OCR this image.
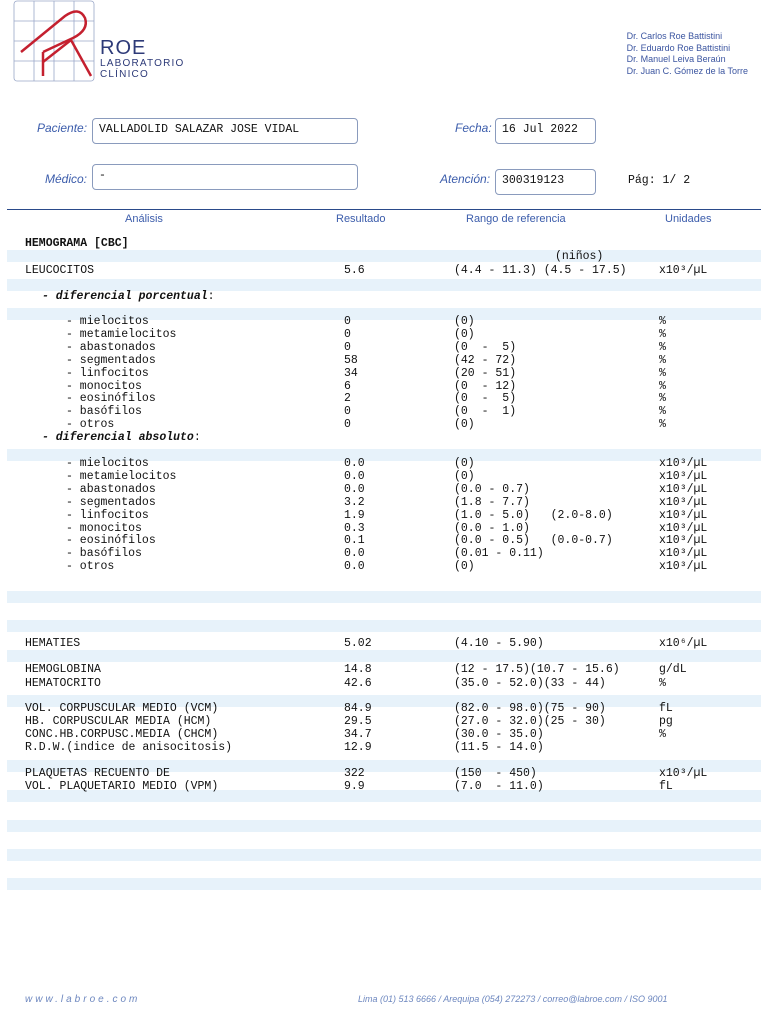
ROE
LABORATORIO
CLÍNICO
Dr. Carlos Roe Battistini
Dr. Eduardo Roe Battistini
Dr. Manuel Leiva Beraún
Dr. Juan C. Gómez de la Torre
Paciente:	VALLADOLID SALAZAR JOSE VIDAL	Fecha: 16 Jul 2022
Médico:	-	Atención:	300319123	Pág: 1/ 2
Análisis	Resultado	Rango de referencia	Unidades
HEMOGRAMA [CBC]
(niños)
LEUCOCITOS	5.6	(4.4 - 11.3) (4.5 - 17.5)	x10³/µL
- diferencial porcentual:
- diferencial absoluto:
- mielocitos	0	(0)	%
- metamielocitos	0	(0)	%
- abastonados	0	(0  -  5)	%
- segmentados	58	(42 - 72)	%
- linfocitos	34	(20 - 51)	%
- monocitos	6	(0  - 12)	%
- eosinófilos	2	(0  -  5)	%
- basófilos	0	(0  -  1)	%
- otros	0	(0)	%
- mielocitos	0.0	(0)	x10³/µL
- metamielocitos	0.0	(0)	x10³/µL
- abastonados	0.0	(0.0 - 0.7)	x10³/µL
- segmentados	3.2	(1.8 - 7.7)	x10³/µL
- linfocitos	1.9	(1.0 - 5.0)   (2.0-8.0)	x10³/µL
- monocitos	0.3	(0.0 - 1.0)	x10³/µL
- eosinófilos	0.1	(0.0 - 0.5)   (0.0-0.7)	x10³/µL
- basófilos	0.0	(0.01 - 0.11)	x10³/µL
- otros	0.0	(0)	x10³/µL
HEMATIES	5.02	(4.10 - 5.90)	x10⁶/µL
HEMOGLOBINA	14.8	(12 - 17.5)(10.7 - 15.6)	g/dL
HEMATOCRITO	42.6	(35.0 - 52.0)(33 - 44)	%
VOL. CORPUSCULAR MEDIO (VCM)	84.9	(82.0 - 98.0)(75 - 90)	fL
HB. CORPUSCULAR MEDIA (HCM)	29.5	(27.0 - 32.0)(25 - 30)	pg
CONC.HB.CORPUSC.MEDIA (CHCM)	34.7	(30.0 - 35.0)	%
R.D.W.(indice de anisocitosis)	12.9	(11.5 - 14.0)
PLAQUETAS RECUENTO DE	322	(150  - 450)	x10³/µL
VOL. PLAQUETARIO MEDIO (VPM)	9.9	(7.0  - 11.0)	fL
www.labroe.com	Lima (01) 513 6666 / Arequipa (054) 272273 / correo@labroe.com / ISO 9001
